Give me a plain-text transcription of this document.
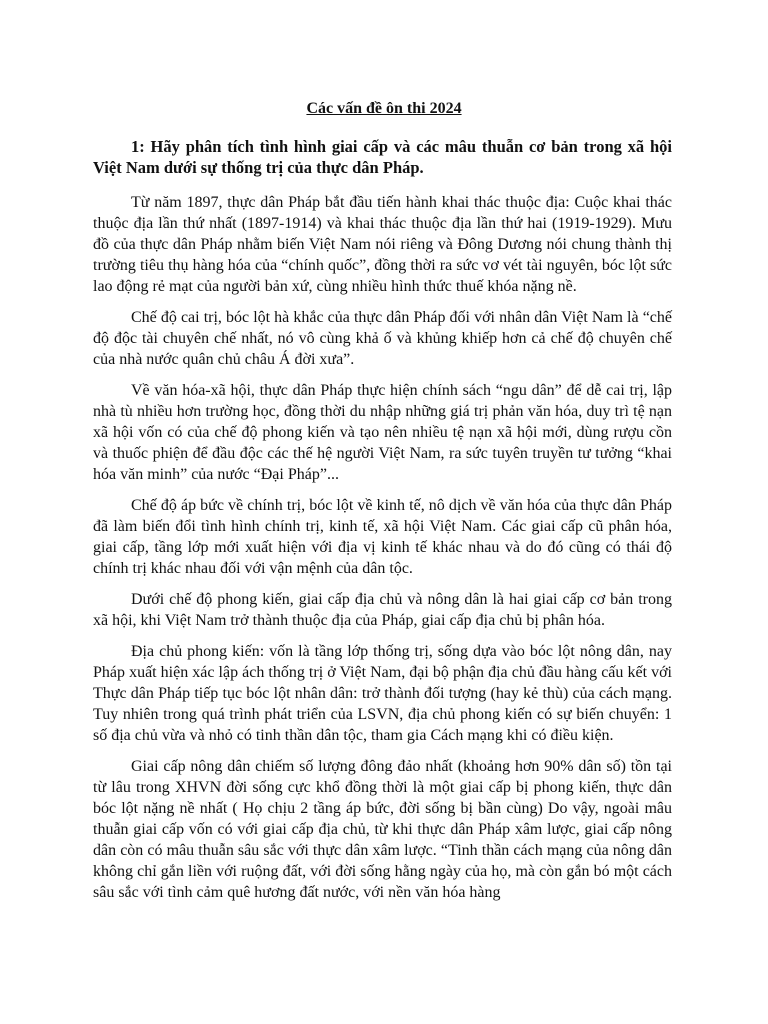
Các vấn đề ôn thi 2024

1: Hãy phân tích tình hình giai cấp và các mâu thuẫn cơ bản trong xã hội Việt Nam dưới sự thống trị của thực dân Pháp.

Từ năm 1897, thực dân Pháp bắt đầu tiến hành khai thác thuộc địa: Cuộc khai thác thuộc địa lần thứ nhất (1897-1914) và khai thác thuộc địa lần thứ hai (1919-1929). Mưu đồ của thực dân Pháp nhằm biến Việt Nam nói riêng và Đông Dương nói chung thành thị trường tiêu thụ hàng hóa của “chính quốc”, đồng thời ra sức vơ vét tài nguyên, bóc lột sức lao động rẻ mạt của người bản xứ, cùng nhiều hình thức thuế khóa nặng nề.

Chế độ cai trị, bóc lột hà khắc của thực dân Pháp đối với nhân dân Việt Nam là “chế độ độc tài chuyên chế nhất, nó vô cùng khả ố và khủng khiếp hơn cả chế độ chuyên chế của nhà nước quân chủ châu Á đời xưa”.

Về văn hóa-xã hội, thực dân Pháp thực hiện chính sách “ngu dân” để dễ cai trị, lập nhà tù nhiều hơn trường học, đồng thời du nhập những giá trị phản văn hóa, duy trì tệ nạn xã hội vốn có của chế độ phong kiến và tạo nên nhiều tệ nạn xã hội mới, dùng rượu cồn và thuốc phiện để đầu độc các thế hệ người Việt Nam, ra sức tuyên truyền tư tưởng “khai hóa văn minh” của nước “Đại Pháp”...

Chế độ áp bức về chính trị, bóc lột về kinh tế, nô dịch về văn hóa của thực dân Pháp đã làm biến đổi tình hình chính trị, kinh tế, xã hội Việt Nam. Các giai cấp cũ phân hóa, giai cấp, tầng lớp mới xuất hiện với địa vị kinh tế khác nhau và do đó cũng có thái độ chính trị khác nhau đối với vận mệnh của dân tộc.

Dưới chế độ phong kiến, giai cấp địa chủ và nông dân là hai giai cấp cơ bản trong xã hội, khi Việt Nam trở thành thuộc địa của Pháp, giai cấp địa chủ bị phân hóa.

Địa chủ phong kiến: vốn là tầng lớp thống trị, sống dựa vào bóc lột nông dân, nay Pháp xuất hiện xác lập ách thống trị ở Việt Nam, đại bộ phận địa chủ đầu hàng cấu kết với Thực dân Pháp tiếp tục bóc lột nhân dân: trở thành đối tượng (hay kẻ thù) của cách mạng. Tuy nhiên trong quá trình phát triển của LSVN, địa chủ phong kiến có sự biến chuyển: 1 số địa chủ vừa và nhỏ có tinh thần dân tộc, tham gia Cách mạng khi có điều kiện.

Giai cấp nông dân chiếm số lượng đông đảo nhất (khoảng hơn 90% dân số) tồn tại từ lâu trong XHVN đời sống cực khổ đồng thời là một giai cấp bị phong kiến, thực dân bóc lột nặng nề nhất ( Họ chịu 2 tầng áp bức, đời sống bị bần cùng) Do vậy, ngoài mâu thuẫn giai cấp vốn có với giai cấp địa chủ, từ khi thực dân Pháp xâm lược, giai cấp nông dân còn có mâu thuẫn sâu sắc với thực dân xâm lược. “Tinh thần cách mạng của nông dân không chỉ gắn liền với ruộng đất, với đời sống hằng ngày của họ, mà còn gắn bó một cách sâu sắc với tình cảm quê hương đất nước, với nền văn hóa hàng
